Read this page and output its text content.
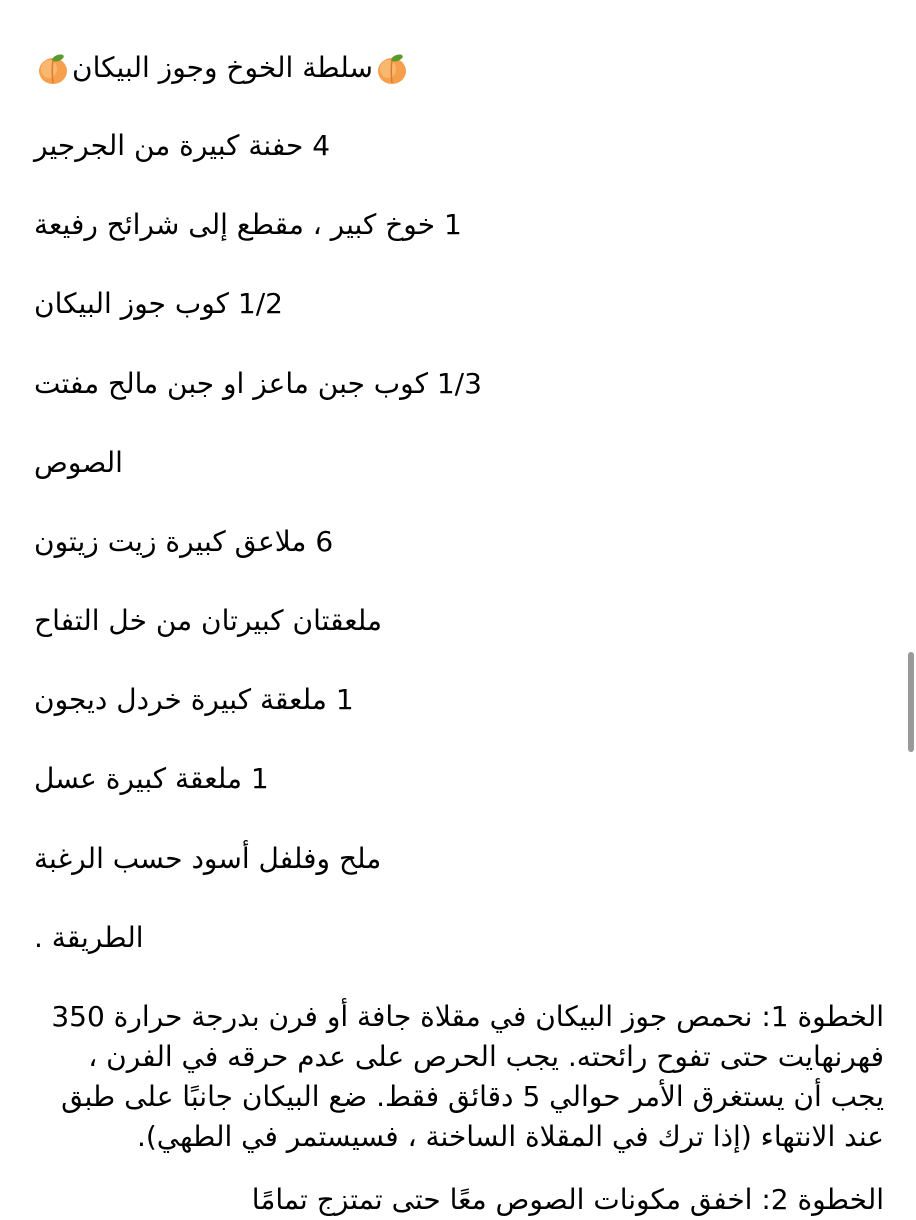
سلطة الخوخ وجوز البيكان
4 حفنة كبيرة من الجرجير
1 خوخ كبير ، مقطع إلى شرائح رفيعة
1/2 كوب جوز البيكان
1/3 كوب جبن ماعز او جبن مالح مفتت
الصوص
6 ملاعق كبيرة زيت زيتون
ملعقتان كبيرتان من خل التفاح
1 ملعقة كبيرة خردل ديجون
1 ملعقة كبيرة عسل
ملح وفلفل أسود حسب الرغبة
الطريقة .
الخطوة 1: نحمص جوز البيكان في مقلاة جافة أو فرن بدرجة حرارة 350 فهرنهايت حتى تفوح رائحته. يجب الحرص على عدم حرقه في الفرن ، يجب أن يستغرق الأمر حوالي 5 دقائق فقط. ضع البيكان جانبًا على طبق عند الانتهاء (إذا ترك في المقلاة الساخنة ، فسيستمر في الطهي).
الخطوة 2: اخفق مكونات الصوص معًا حتى تمتزج تمامًا
